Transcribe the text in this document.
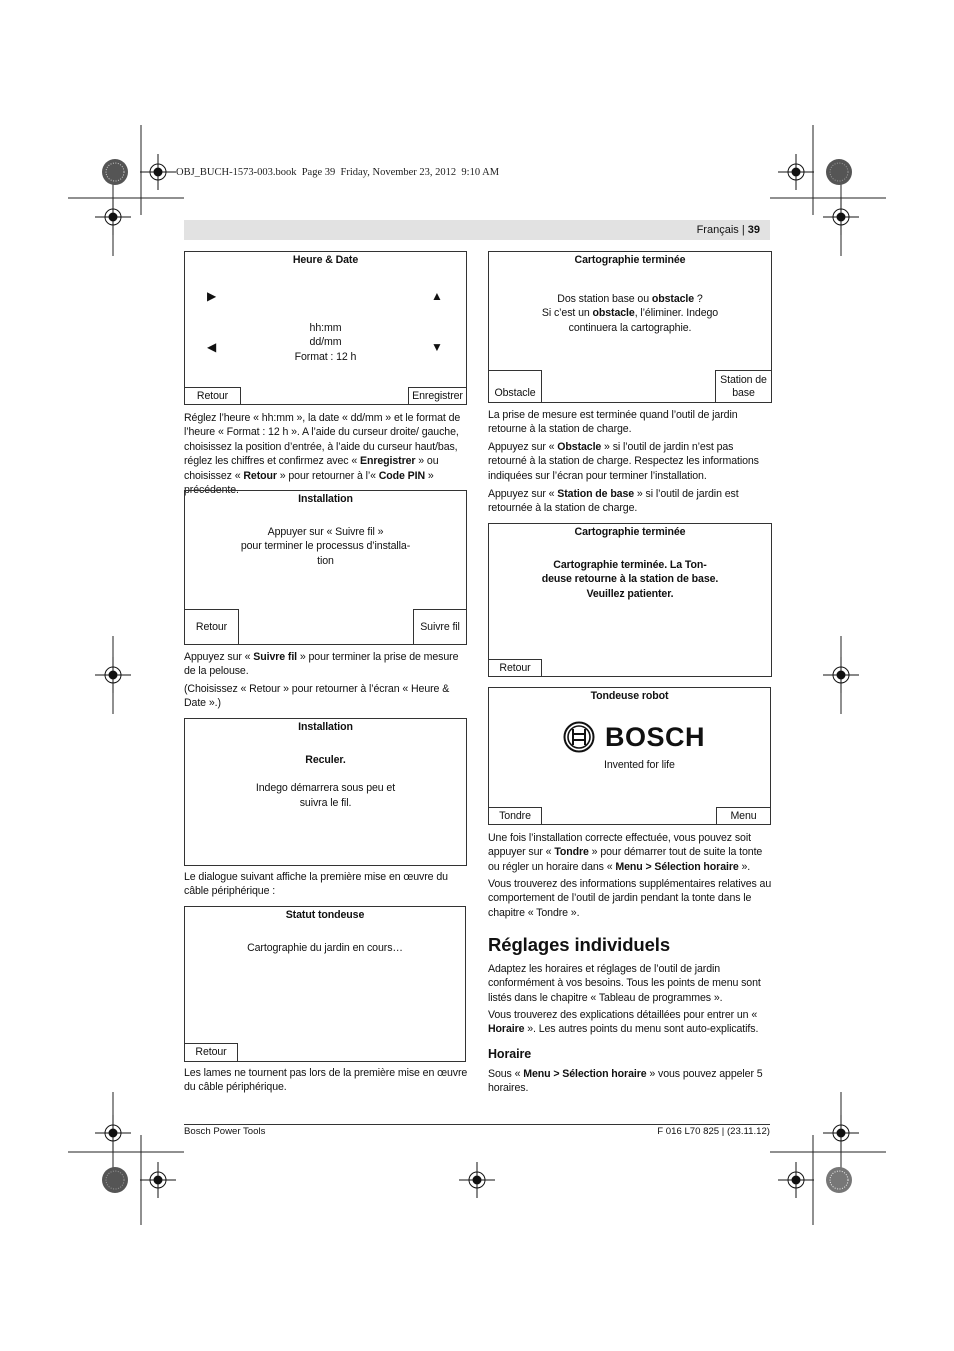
OBJ_BUCH-1573-003.book  Page 39  Friday, November 23, 2012  9:10 AM
Français | 39
Heure & Date
▶	▲
◀	▼
hh:mm
dd/mm
Format : 12 h
Retour	Enregistrer

Réglez l’heure « hh:mm », la date « dd/mm » et le format de l’heure « Format : 12 h ». A l’aide du curseur droite/ gauche, choisissez la position d’entrée, à l’aide du curseur haut/bas, réglez les chiffres et confirmez avec « Enregistrer » ou choisissez « Retour » pour retourner à l’« Code PIN » précédente.

Installation
Appuyer sur « Suivre fil »
pour terminer le processus d’installa-
tion
Retour	Suivre fil

Appuyez sur « Suivre fil » pour terminer la prise de mesure de la pelouse.

(Choisissez « Retour » pour retourner à l’écran « Heure & Date ».)

Installation
Reculer.
Indego démarrera sous peu et
suivra le fil.

Le dialogue suivant affiche la première mise en œuvre du câble périphérique :

Statut tondeuse
Cartographie du jardin en cours…
Retour

Les lames ne tournent pas lors de la première mise en œuvre du câble périphérique.

Cartographie terminée
Dos station base ou obstacle ?
Si c’est un obstacle, l’éliminer. Indego
continuera la cartographie.
Obstacle
Station de
base

La prise de mesure est terminée quand l’outil de jardin retourne à la station de charge.

Appuyez sur « Obstacle » si l’outil de jardin n’est pas retourné à la station de charge. Respectez les informations indiquées sur l’écran pour terminer l’installation.

Appuyez sur « Station de base » si l’outil de jardin est retournée à la station de charge.

Cartographie terminée
Cartographie terminée. La Ton-
deuse retourne à la station de base.
Veuillez patienter.
Retour
Tondeuse robot
BOSCH
Invented for life
Tondre	Menu

Une fois l’installation correcte effectuée, vous pouvez soit appuyer sur « Tondre » pour démarrer tout de suite la tonte ou régler un horaire dans « Menu > Sélection horaire ».

Vous trouverez des informations supplémentaires relatives au comportement de l’outil de jardin pendant la tonte dans le chapitre « Tondre ».

Réglages individuels

Adaptez les horaires et réglages de l’outil de jardin conformément à vos besoins. Tous les points de menu sont listés dans le chapitre « Tableau de programmes ».

Vous trouverez des explications détaillées pour entrer un « Horaire ». Les autres points du menu sont auto-explicatifs.

Horaire

Sous « Menu > Sélection horaire » vous pouvez appeler 5 horaires.

Bosch Power Tools	F 016 L70 825 | (23.11.12)
